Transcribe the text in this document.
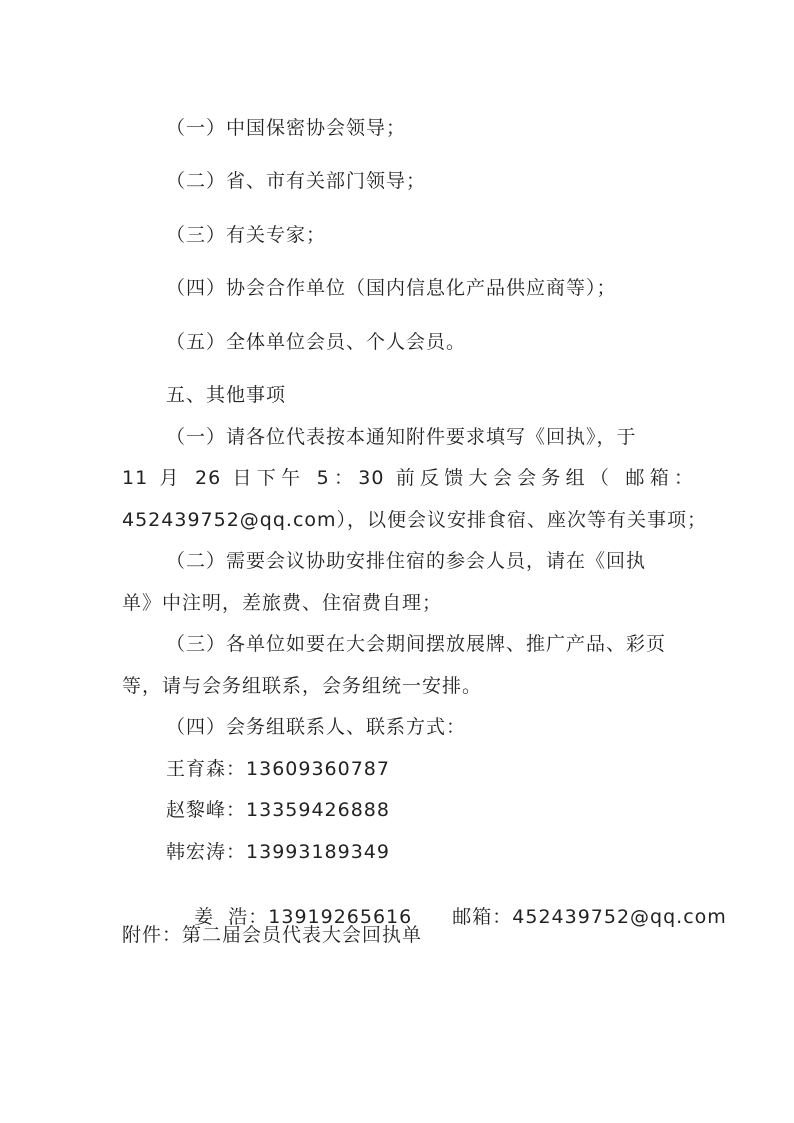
（一）中国保密协会领导；
（二）省、市有关部门领导；
（三）有关专家；
（四）协会合作单位（国内信息化产品供应商等）；
（五）全体单位会员、个人会员。
五、其他事项
（一）请各位代表按本通知附件要求填写《回执》，于
11 月 26 日下午 5：30 前反馈大会会务组（ 邮箱：
452439752@qq.com），以便会议安排食宿、座次等有关事项；
（二）需要会议协助安排住宿的参会人员，请在《回执
单》中注明，差旅费、住宿费自理；
（三）各单位如要在大会期间摆放展牌、推广产品、彩页
等，请与会务组联系，会务组统一安排。
（四）会务组联系人、联系方式：
王育森：13609360787
赵黎峰：13359426888
韩宏涛：13993189349

姜  浩：13919265616 邮箱：452439752@qq.com

附件：第二届会员代表大会回执单
